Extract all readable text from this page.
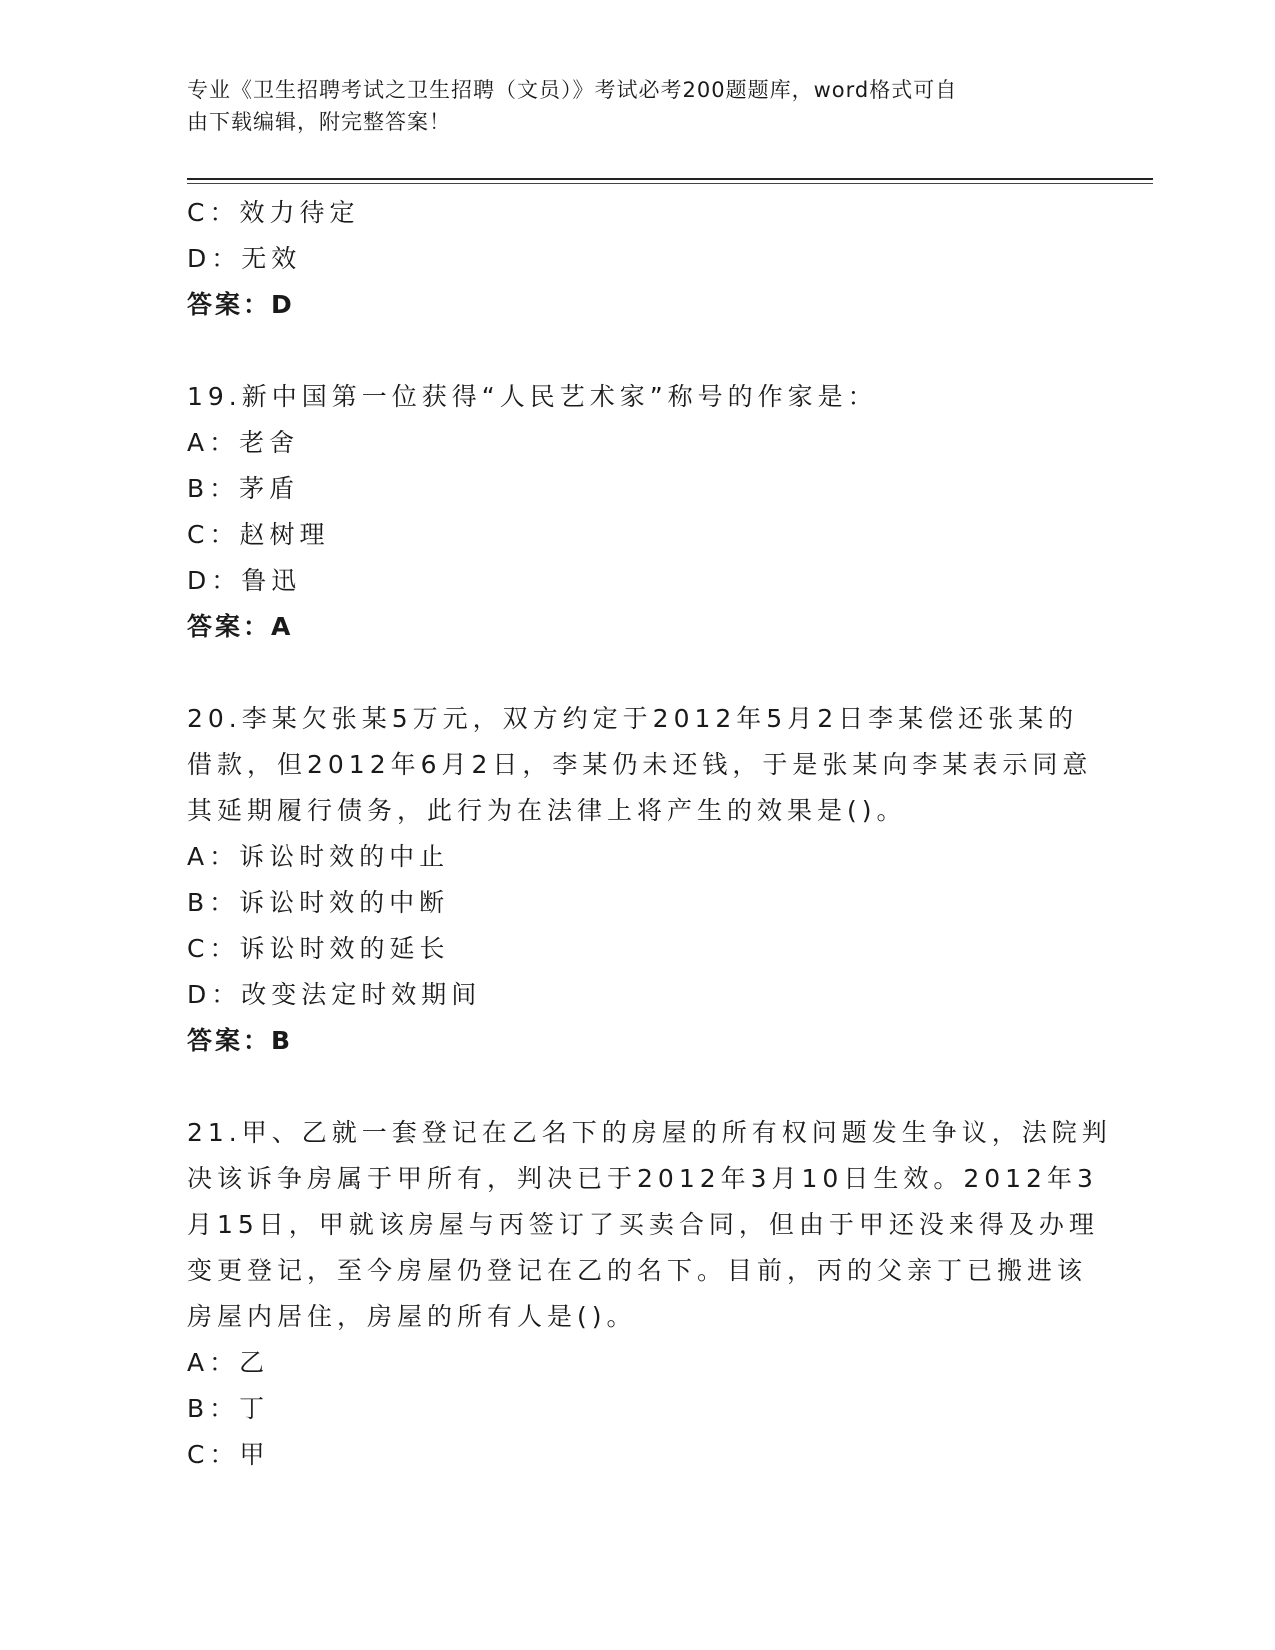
专业《卫生招聘考试之卫生招聘（文员）》考试必考200题题库，word格式可自
由下载编辑，附完整答案！
C：效力待定
D：无效
答案：D
19.新中国第一位获得“人民艺术家”称号的作家是：
A：老舍
B：茅盾
C：赵树理
D：鲁迅
答案：A
20.李某欠张某5万元，双方约定于2012年5月2日李某偿还张某的
借款，但2012年6月2日，李某仍未还钱，于是张某向李某表示同意
其延期履行债务，此行为在法律上将产生的效果是()。
A：诉讼时效的中止
B：诉讼时效的中断
C：诉讼时效的延长
D：改变法定时效期间
答案：B
21.甲、乙就一套登记在乙名下的房屋的所有权问题发生争议，法院判
决该诉争房属于甲所有，判决已于2012年3月10日生效。2012年3
月15日，甲就该房屋与丙签订了买卖合同，但由于甲还没来得及办理
变更登记，至今房屋仍登记在乙的名下。目前，丙的父亲丁已搬进该
房屋内居住，房屋的所有人是()。
A：乙
B：丁
C：甲
